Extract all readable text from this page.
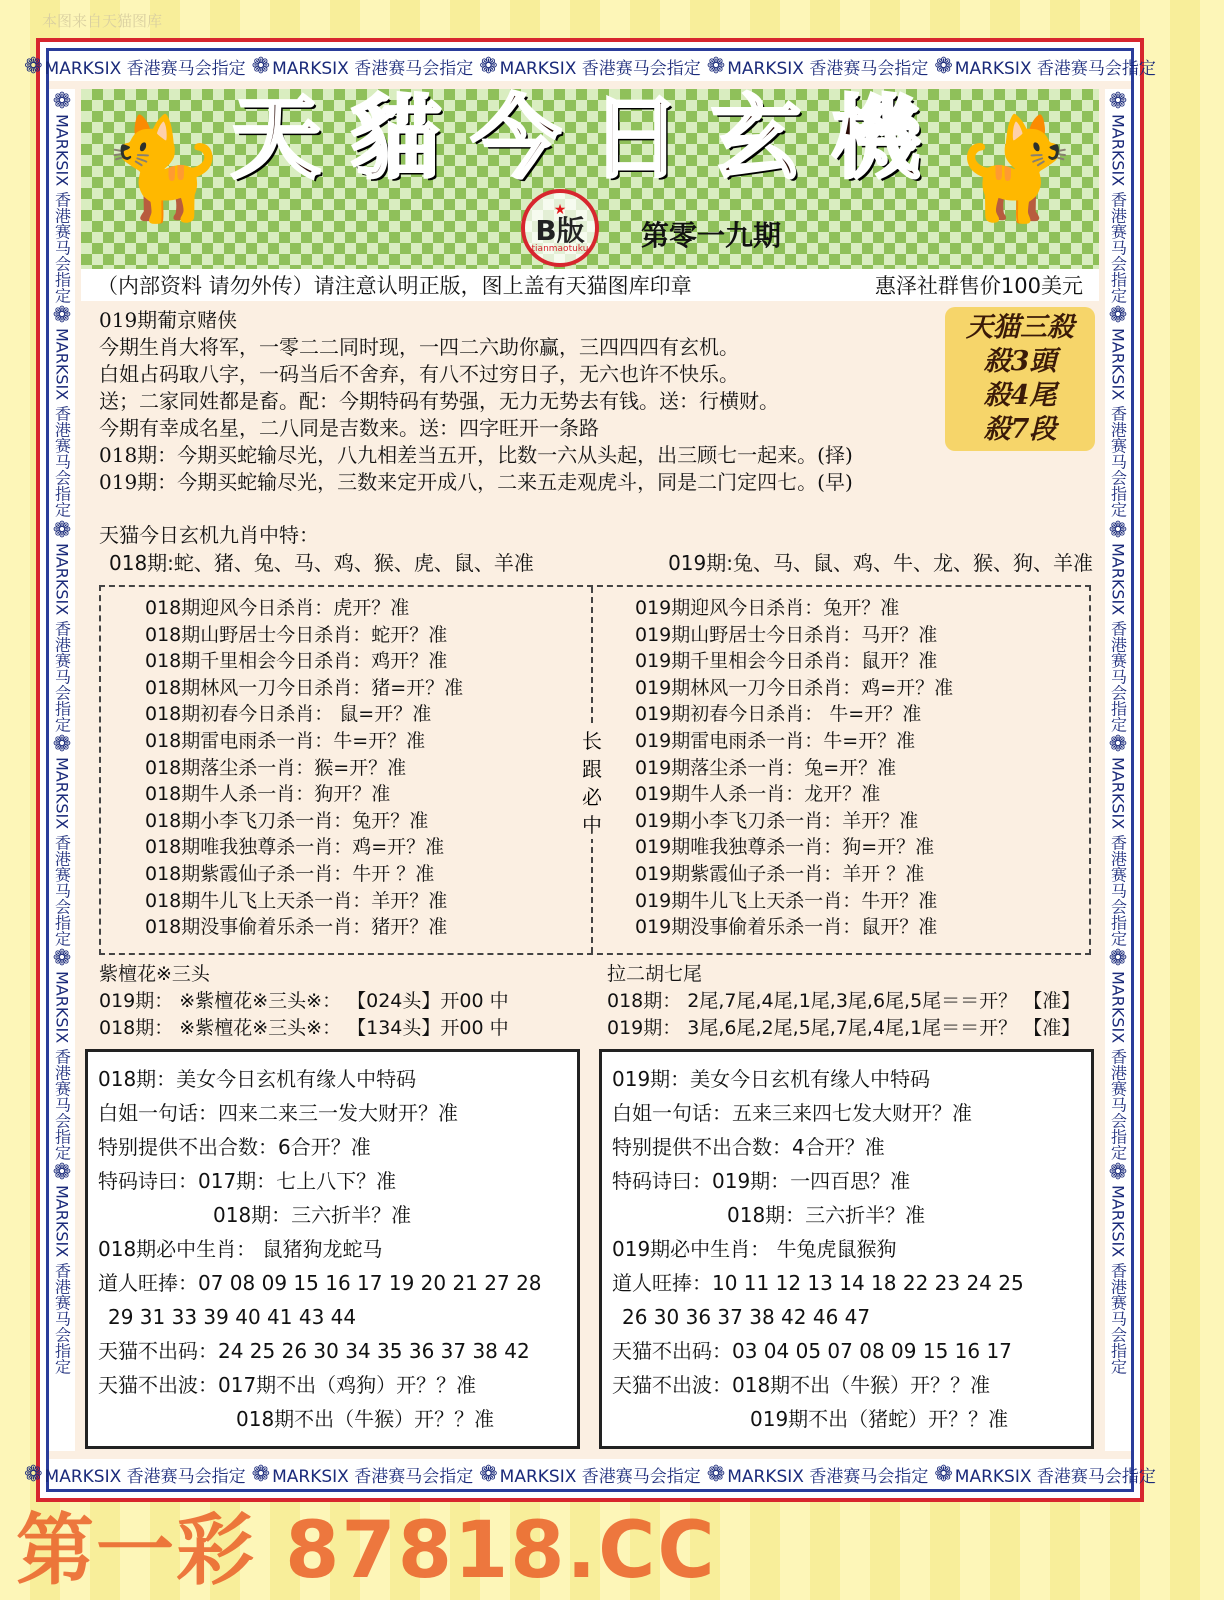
本图来自天猫图库
❁ MARKSIX 香港赛马会指定 ❁ MARKSIX 香港赛马会指定 ❁ MARKSIX 香港赛马会指定 ❁ MARKSIX 香港赛马会指定 ❁ MARKSIX 香港赛马会指定
❁ MARKSIX 香港赛马会指定 ❁ MARKSIX 香港赛马会指定 ❁ MARKSIX 香港赛马会指定 ❁ MARKSIX 香港赛马会指定 ❁ MARKSIX 香港赛马会指定
❁MARKSIX 香港赛马会指定
❁MARKSIX 香港赛马会指定
❁MARKSIX 香港赛马会指定
❁MARKSIX 香港赛马会指定
❁MARKSIX 香港赛马会指定
❁MARKSIX 香港赛马会指定
❁MARKSIX 香港赛马会指定
❁MARKSIX 香港赛马会指定
❁MARKSIX 香港赛马会指定
❁MARKSIX 香港赛马会指定
❁MARKSIX 香港赛马会指定
❁MARKSIX 香港赛马会指定
🐈	🐈
天 貓 今 日 玄 機
★
B版
tianmaotuku 第零一九期
（内部资料 请勿外传）请注意认明正版，图上盖有天猫图库印章	惠泽社群售价100美元
019期葡京赌侠
今期生肖大将军，一零二二同时现，一四二六助你赢，三四四四有玄机。
白姐占码取八字，一码当后不舍弃，有八不过穷日子，无六也许不快乐。
送；二家同姓都是畜。配：今期特码有势强，无力无势去有钱。送：行横财。
今期有幸成名星，二八同是吉数来。送：四字旺开一条路
018期：今期买蛇输尽光，八九相差当五开，比数一六从头起，出三顾七一起来。(择)
019期：今期买蛇输尽光，三数来定开成八，二来五走观虎斗，同是二门定四七。(早)
天猫三殺
殺3頭
殺4尾
殺7段
天猫今日玄机九肖中特：
018期:蛇、猪、兔、马、鸡、猴、虎、鼠、羊准	019期:兔、马、鼠、鸡、牛、龙、猴、狗、羊准
018期迎风今日杀肖：虎开？准
018期山野居士今日杀肖：蛇开？准
018期千里相会今日杀肖：鸡开？准
018期林风一刀今日杀肖：猪=开？准
018期初春今日杀肖： 鼠=开？准
018期雷电雨杀一肖：牛=开？准
018期落尘杀一肖：猴=开？准
018期牛人杀一肖：狗开？准
018期小李飞刀杀一肖：兔开？准
018期唯我独尊杀一肖：鸡=开？准
018期紫霞仙子杀一肖：牛开 ？准
018期牛儿飞上天杀一肖：羊开？准
018期没事偷着乐杀一肖：猪开？准
长
跟
必
中
019期迎风今日杀肖：兔开？准
019期山野居士今日杀肖：马开？准
019期千里相会今日杀肖：鼠开？准
019期林风一刀今日杀肖：鸡=开？准
019期初春今日杀肖： 牛=开？准
019期雷电雨杀一肖：牛=开？准
019期落尘杀一肖：兔=开？准
019期牛人杀一肖：龙开？准
019期小李飞刀杀一肖：羊开？准
019期唯我独尊杀一肖：狗=开？准
019期紫霞仙子杀一肖：羊开 ？准
019期牛儿飞上天杀一肖：牛开？准
019期没事偷着乐杀一肖：鼠开？准
紫檀花※三头
019期： ※紫檀花※三头※： 【024头】开00 中
018期： ※紫檀花※三头※： 【134头】开00 中
拉二胡七尾
018期： 2尾,7尾,4尾,1尾,3尾,6尾,5尾＝＝开？ 【准】
019期： 3尾,6尾,2尾,5尾,7尾,4尾,1尾＝＝开？ 【准】
018期：美女今日玄机有缘人中特码
白姐一句话：四来二来三一发大财开？准
特别提供不出合数：6合开？准
特码诗曰：017期：七上八下？准
018期：三六折半？准
018期必中生肖： 鼠猪狗龙蛇马
道人旺捧：07 08 09 15 16 17 19 20 21 27 28
29 31 33 39 40 41 43 44
天猫不出码：24 25 26 30 34 35 36 37 38 42
天猫不出波：017期不出（鸡狗）开？？准
018期不出（牛猴）开？？准
019期：美女今日玄机有缘人中特码
白姐一句话：五来三来四七发大财开？准
特别提供不出合数：4合开？准
特码诗曰：019期：一四百思？准
018期：三六折半？准
019期必中生肖： 牛兔虎鼠猴狗
道人旺捧：10 11 12 13 14 18 22 23 24 25
26 30 36 37 38 42 46 47
天猫不出码：03 04 05 07 08 09 15 16 17
天猫不出波：018期不出（牛猴）开？？准
019期不出（猪蛇）开？？准
第一彩 87818.CC
